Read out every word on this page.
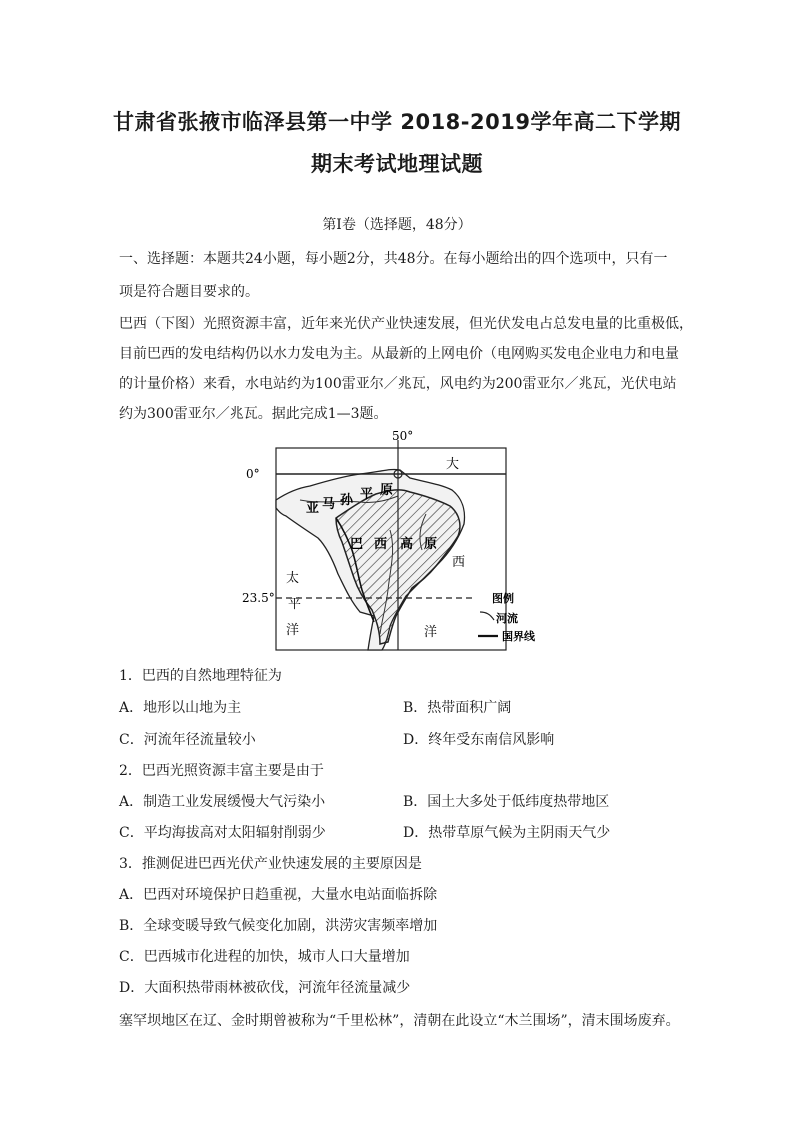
甘肃省张掖市临泽县第一中学 2018-2019学年高二下学期
期末考试地理试题
第Ⅰ卷（选择题，48分）
一、选择题：本题共24小题，每小题2分，共48分。在每小题给出的四个选项中，只有一
项是符合题目要求的。
巴西（下图）光照资源丰富，近年来光伏产业快速发展，但光伏发电占总发电量的比重极低，
目前巴西的发电结构仍以水力发电为主。从最新的上网电价（电网购买发电企业电力和电量
的计量价格）来看，水电站约为100雷亚尔／兆瓦，风电约为200雷亚尔／兆瓦，光伏电站
约为300雷亚尔／兆瓦。据此完成1—3题。
50°
0°
23.5°
亚 马 孙 平 原
巴 西 高 原
太
平
洋
大
西
洋
图例
河流
国界线
1．巴西的自然地理特征为
A．地形以山地为主	B．热带面积广阔
C．河流年径流量较小	D．终年受东南信风影响
2．巴西光照资源丰富主要是由于
A．制造工业发展缓慢大气污染小	B．国土大多处于低纬度热带地区
C．平均海拔高对太阳辐射削弱少	D．热带草原气候为主阴雨天气少
3．推测促进巴西光伏产业快速发展的主要原因是
A．巴西对环境保护日趋重视，大量水电站面临拆除
B．全球变暖导致气候变化加剧，洪涝灾害频率增加
C．巴西城市化进程的加快，城市人口大量增加
D．大面积热带雨林被砍伐，河流年径流量减少
塞罕坝地区在辽、金时期曾被称为“千里松林”，清朝在此设立“木兰围场”，清末围场废弃。
